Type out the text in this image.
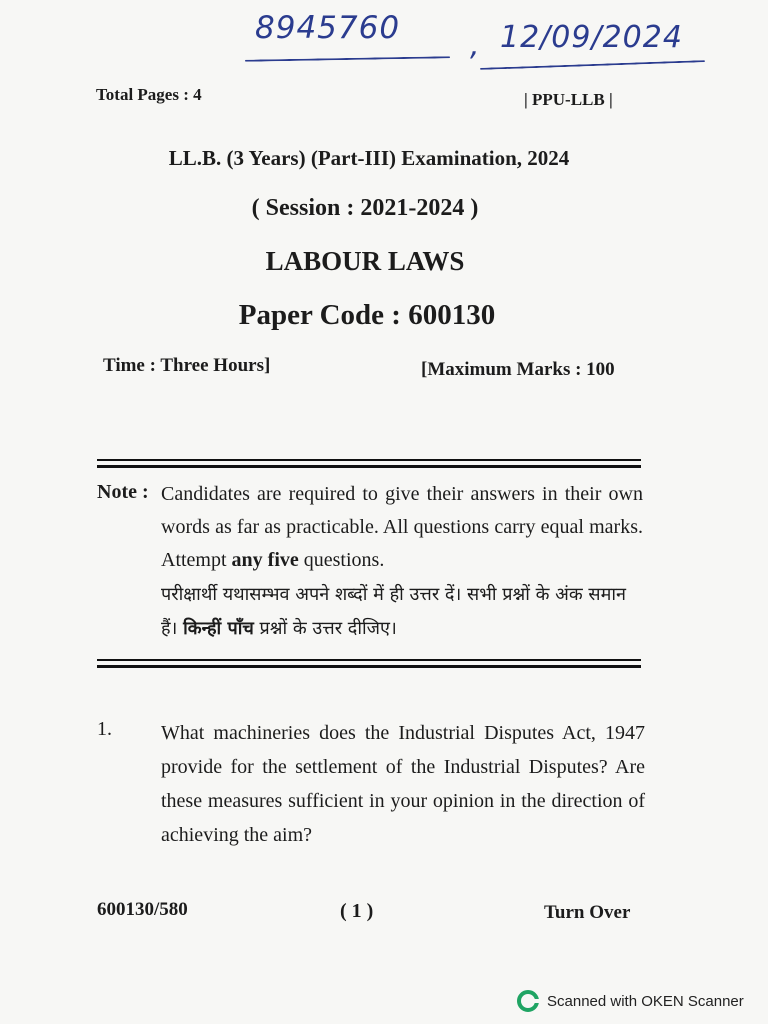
8945760 , 12/09/2024
Total Pages : 4	| PPU-LLB |
LL.B. (3 Years) (Part-III) Examination, 2024
( Session : 2021-2024 )
LABOUR LAWS
Paper Code : 600130
Time : Three Hours]	[Maximum Marks : 100
Note : Candidates are required to give their answers in their own words as far as practicable. All questions carry equal marks. Attempt any five questions.
परीक्षार्थी यथासम्भव अपने शब्दों में ही उत्तर दें। सभी प्रश्नों के अंक समान हैं। किन्हीं पाँच प्रश्नों के उत्तर दीजिए।
1. What machineries does the Industrial Disputes Act, 1947 provide for the settlement of the Industrial Disputes? Are these measures sufficient in your opinion in the direction of achieving the aim?
600130/580	( 1 )	Turn Over
Scanned with OKEN Scanner
